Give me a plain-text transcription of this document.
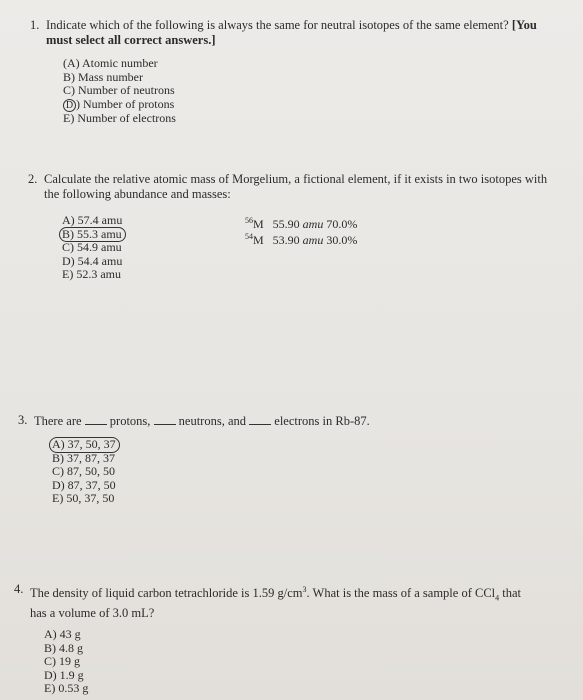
1. Indicate which of the following is always the same for neutral isotopes of the same element? [You
must select all correct answers.]
(A) Atomic number
B) Mass number
C) Number of neutrons
D ) Number of protons
E) Number of electrons
2. Calculate the relative atomic mass of Morgelium, a fictional element, if it exists in two isotopes with
the following abundance and masses:
A) 57.4 amu
B) 55.3 amu
C) 54.9 amu
D) 54.4 amu
E) 52.3 amu
$^{56}$M 55.90 amu 70.0%
$^{54}$M 53.90 amu 30.0%
3. There are protons, neutrons, and electrons in Rb-87.
A) 37, 50, 37
B) 37, 87, 37
C) 87, 50, 50
D) 87, 37, 50
E) 50, 37, 50
4. The density of liquid carbon tetrachloride is 1.59 $g/cm^3$. What is the mass of a sample of CCl$_4$ that
has a volume of 3.0 mL?
A) 43 g
B) 4.8 g
C) 19 g
D) 1.9 g
E) 0.53 g
